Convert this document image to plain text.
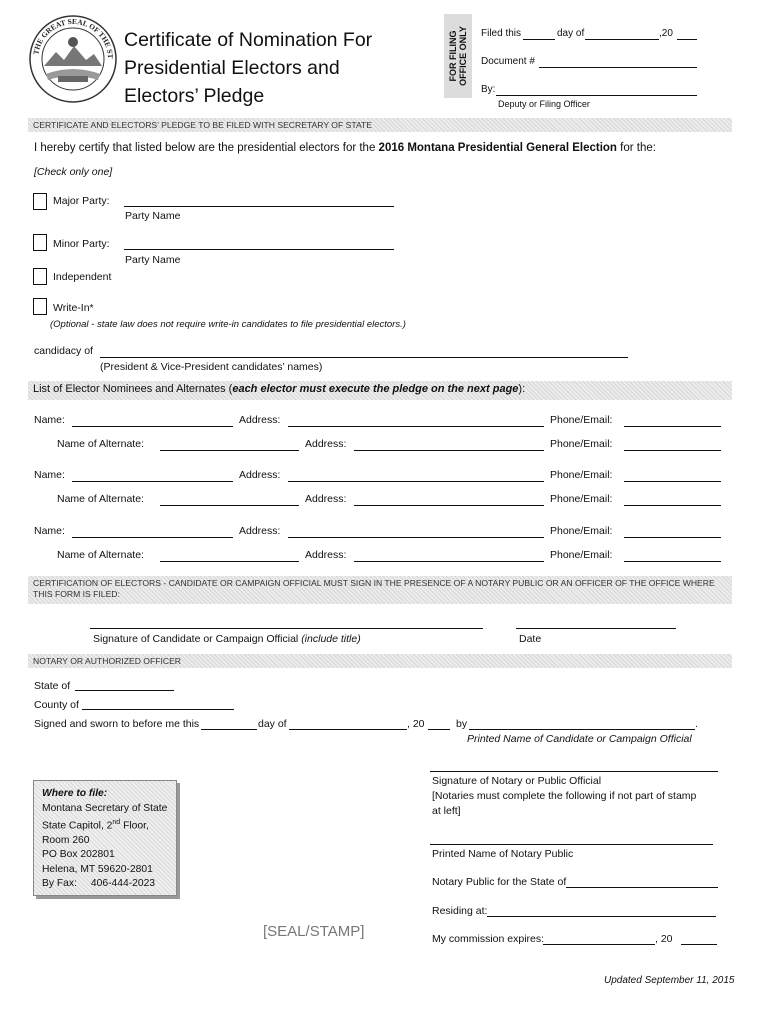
THE GREAT SEAL OF THE ST
Certificate of Nomination For
Presidential Electors and
Electors’ Pledge
FOR FILING OFFICE ONLY Filed this	day of	,20
Document #
By:
Deputy or Filing Officer
CERTIFICATE AND ELECTORS’ PLEDGE TO BE FILED WITH SECRETARY OF STATE
I hereby certify that listed below are the presidential electors for the 2016 Montana Presidential General Election for the:
[Check only one]
Major Party:
Party Name
Minor Party:
Party Name
Independent
Write-In*
(Optional - state law does not require write-in candidates to file presidential electors.)
candidacy of
(President & Vice-President candidates’ names)
List of Elector Nominees and Alternates (each elector must execute the pledge on the next page):
Name:	Address:	Phone/Email:
Name of Alternate:	Address:	Phone/Email:
Name:	Address:	Phone/Email:
Name of Alternate:	Address:	Phone/Email:
Name:	Address:	Phone/Email:
Name of Alternate:	Address:	Phone/Email:
CERTIFICATION OF ELECTORS - CANDIDATE OR CAMPAIGN OFFICIAL MUST SIGN IN THE PRESENCE OF A NOTARY PUBLIC OR AN OFFICER OF THE OFFICE WHERE THIS FORM IS FILED:
Signature of Candidate or Campaign Official (include title)	Date
NOTARY OR AUTHORIZED OFFICER
State of
County of
Signed and sworn to before me this	day of	, 20	by	.
Printed Name of Candidate or Campaign Official
Signature of Notary or Public Official
[Notaries must complete the following if not part of stamp
at left]
Printed Name of Notary Public
Notary Public for the State of
Residing at:
My commission expires:	, 20
Where to file:
Montana Secretary of State
State Capitol, 2nd Floor,
Room 260
PO Box 202801
Helena, MT 59620-2801
By Fax: 406-444-2023
[SEAL/STAMP]
Updated September 11, 2015
